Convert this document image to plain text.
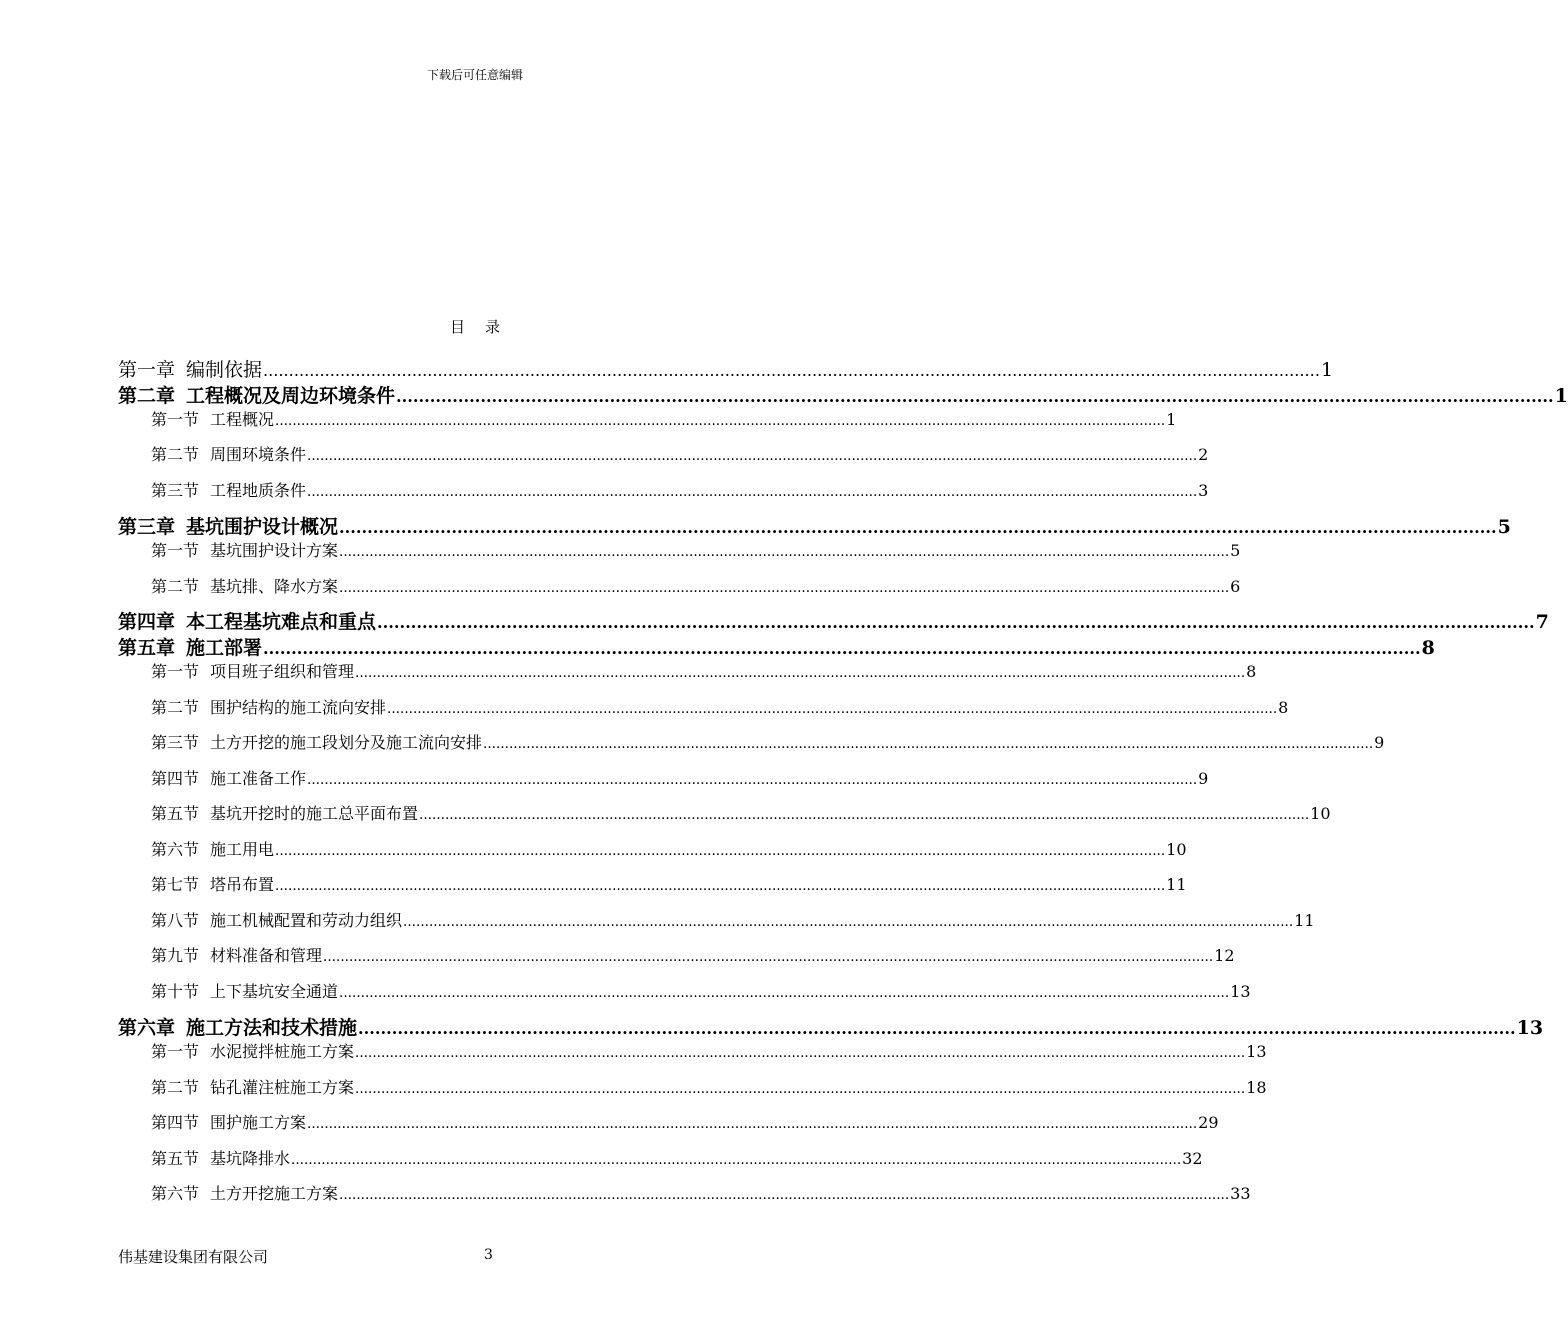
下载后可任意编辑
目录
第一章 编制依据 .............................................................................................................................................................................................................. 1
第二章 工程概况及周边环境条件 .............................................................................................................................................................................................................. 1
第一节 工程概况 .............................................................................................................................................................................................................. 1
第二节 周围环境条件 .............................................................................................................................................................................................................. 2
第三节 工程地质条件 .............................................................................................................................................................................................................. 3
第三章 基坑围护设计概况 .............................................................................................................................................................................................................. 5
第一节 基坑围护设计方案 .............................................................................................................................................................................................................. 5
第二节 基坑排、降水方案 .............................................................................................................................................................................................................. 6
第四章 本工程基坑难点和重点 .............................................................................................................................................................................................................. 7
第五章 施工部署 .............................................................................................................................................................................................................. 8
第一节 项目班子组织和管理 .............................................................................................................................................................................................................. 8
第二节 围护结构的施工流向安排 .............................................................................................................................................................................................................. 8
第三节 土方开挖的施工段划分及施工流向安排 .............................................................................................................................................................................................................. 9
第四节 施工准备工作 .............................................................................................................................................................................................................. 9
第五节 基坑开挖时的施工总平面布置 .............................................................................................................................................................................................................. 10
第六节 施工用电 .............................................................................................................................................................................................................. 10
第七节 塔吊布置 .............................................................................................................................................................................................................. 11
第八节 施工机械配置和劳动力组织 .............................................................................................................................................................................................................. 11
第九节 材料准备和管理 .............................................................................................................................................................................................................. 12
第十节 上下基坑安全通道 .............................................................................................................................................................................................................. 13
第六章 施工方法和技术措施 .............................................................................................................................................................................................................. 13
第一节 水泥搅拌桩施工方案 .............................................................................................................................................................................................................. 13
第二节 钻孔灌注桩施工方案 .............................................................................................................................................................................................................. 18
第四节 围护施工方案 .............................................................................................................................................................................................................. 29
第五节 基坑降排水 .............................................................................................................................................................................................................. 32
第六节 土方开挖施工方案 .............................................................................................................................................................................................................. 33
伟基建设集团有限公司	3
